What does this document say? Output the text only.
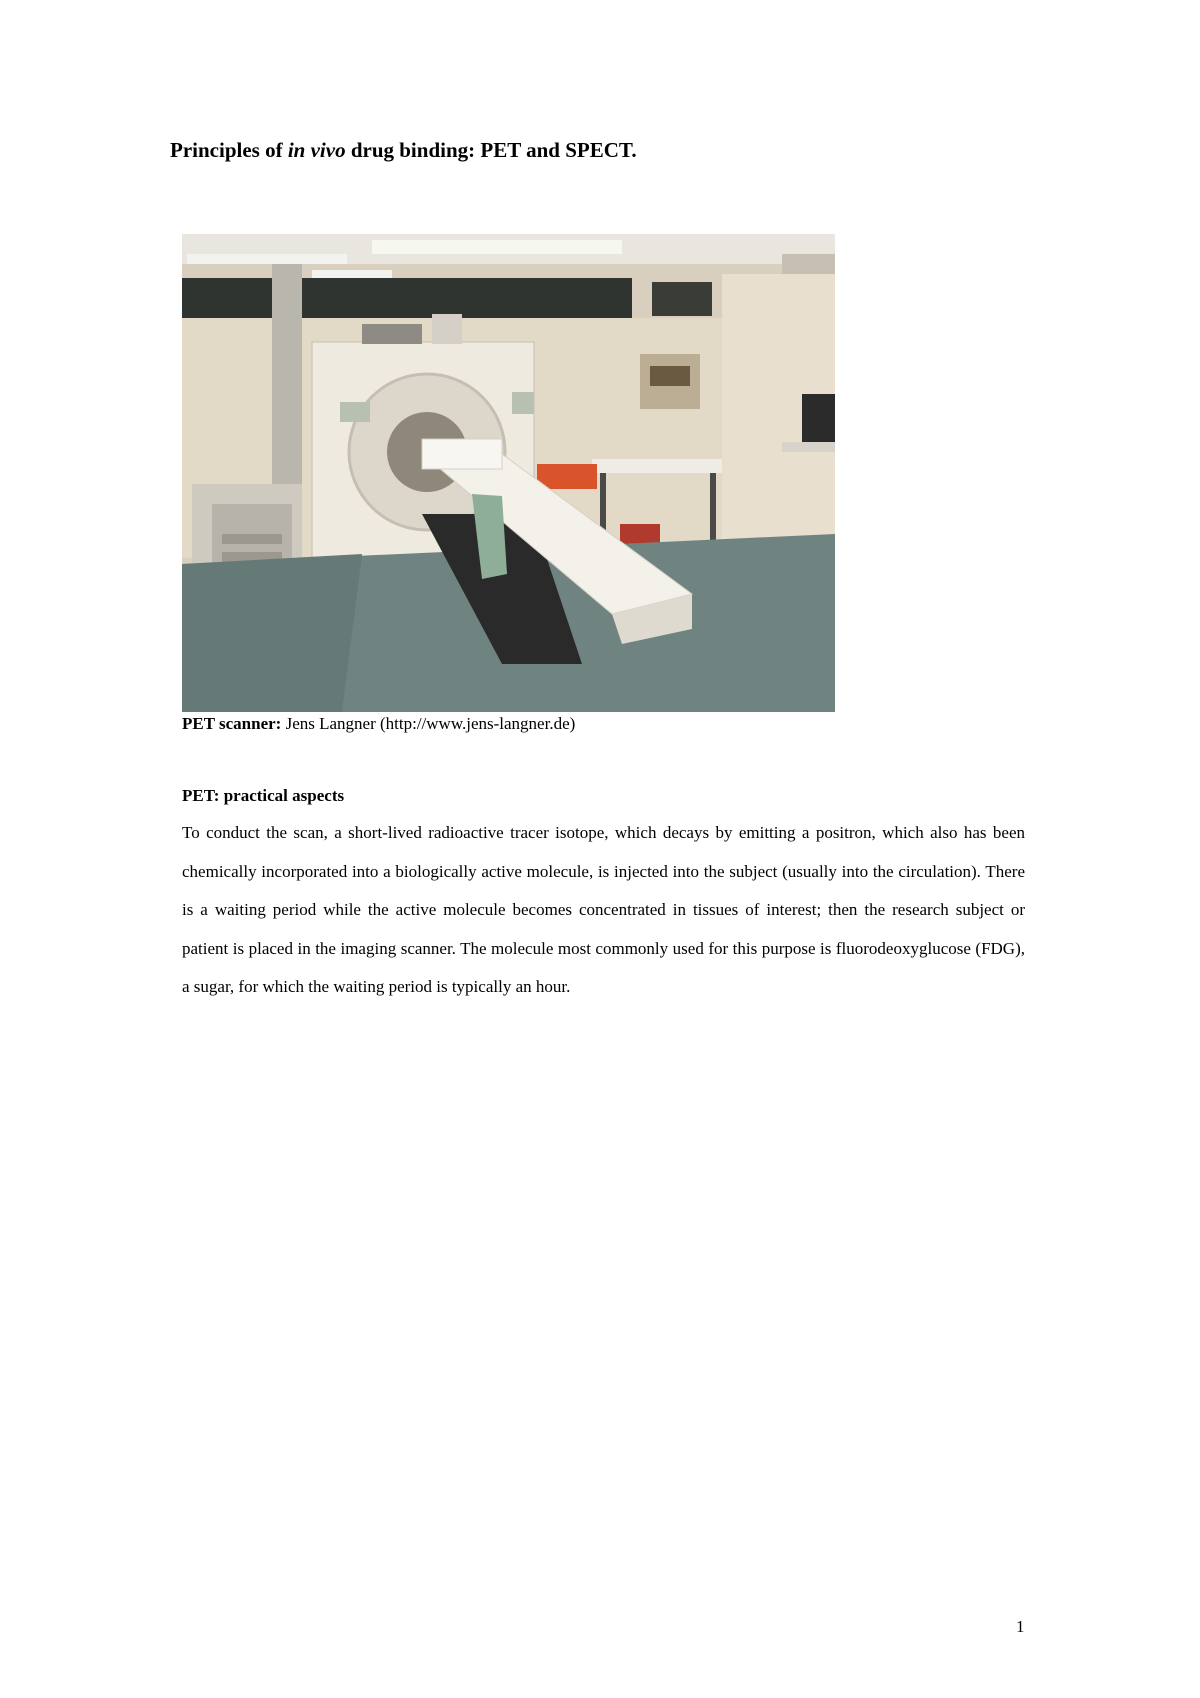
Principles of in vivo drug binding: PET and SPECT.
PET scanner: Jens Langner (http://www.jens-langner.de)
PET: practical aspects
To conduct the scan, a short-lived radioactive tracer isotope, which decays by emitting a positron, which also has been chemically incorporated into a biologically active molecule, is injected into the subject (usually into the circulation). There is a waiting period while the active molecule becomes concentrated in tissues of interest; then the research subject or patient is placed in the imaging scanner. The molecule most commonly used for this purpose is fluorodeoxyglucose (FDG), a sugar, for which the waiting period is typically an hour.
1
